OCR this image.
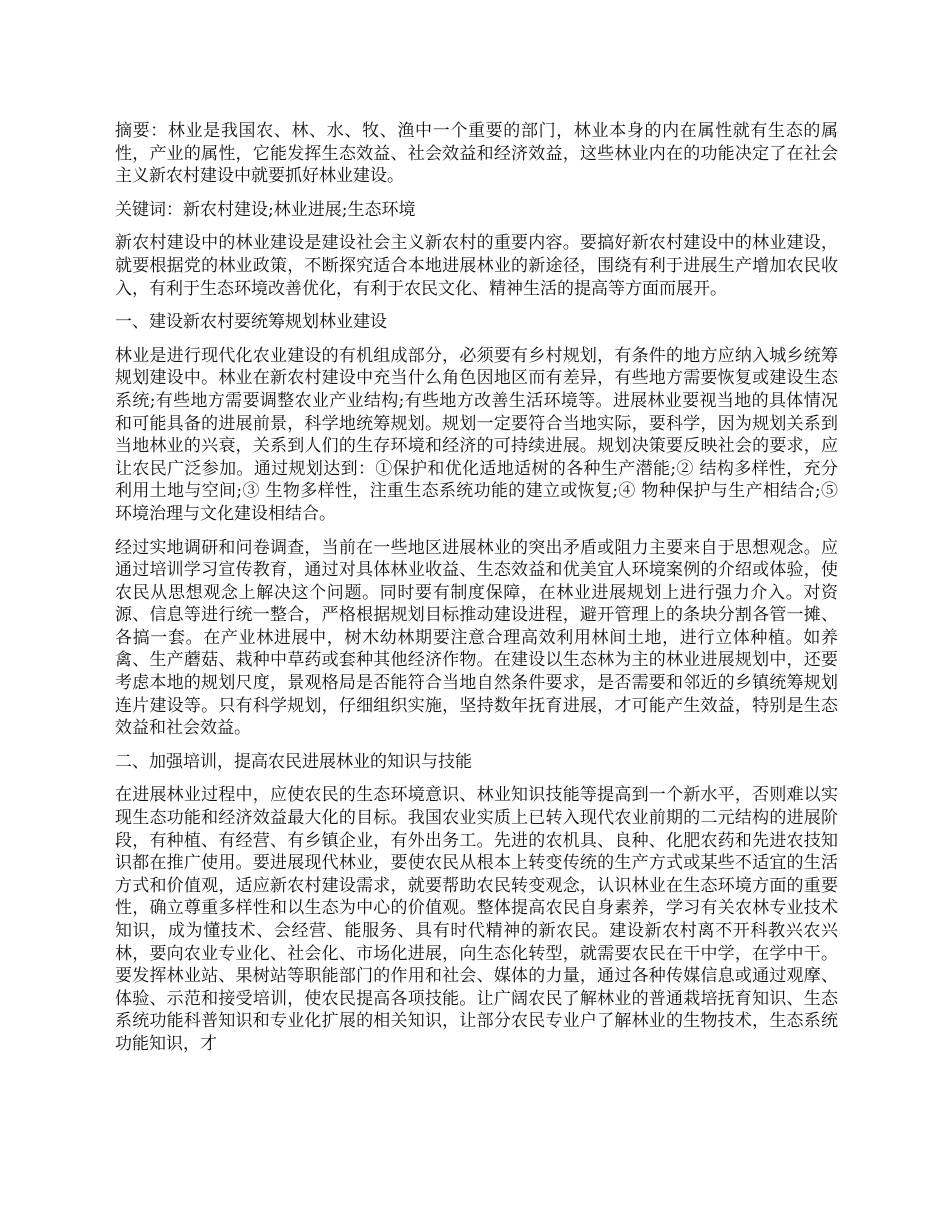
摘要：林业是我国农、林、水、牧、渔中一个重要的部门，林业本身的内在属性就有生态的属性，产业的属性，它能发挥生态效益、社会效益和经济效益，这些林业内在的功能决定了在社会主义新农村建设中就要抓好林业建设。

关键词：新农村建设;林业进展;生态环境

新农村建设中的林业建设是建设社会主义新农村的重要内容。要搞好新农村建设中的林业建设，就要根据党的林业政策，不断探究适合本地进展林业的新途径，围绕有利于进展生产增加农民收入，有利于生态环境改善优化，有利于农民文化、精神生活的提高等方面而展开。

一、建设新农村要统筹规划林业建设

林业是进行现代化农业建设的有机组成部分，必须要有乡村规划，有条件的地方应纳入城乡统筹规划建设中。林业在新农村建设中充当什么角色因地区而有差异，有些地方需要恢复或建设生态系统;有些地方需要调整农业产业结构;有些地方改善生活环境等。进展林业要视当地的具体情况和可能具备的进展前景，科学地统筹规划。规划一定要符合当地实际，要科学，因为规划关系到当地林业的兴衰，关系到人们的生存环境和经济的可持续进展。规划决策要反映社会的要求，应让农民广泛参加。通过规划达到：①保护和优化适地适树的各种生产潜能;② 结构多样性，充分利用土地与空间;③ 生物多样性，注重生态系统功能的建立或恢复;④ 物种保护与生产相结合;⑤ 环境治理与文化建设相结合。

经过实地调研和问卷调查，当前在一些地区进展林业的突出矛盾或阻力主要来自于思想观念。应通过培训学习宣传教育，通过对具体林业收益、生态效益和优美宜人环境案例的介绍或体验，使农民从思想观念上解决这个问题。同时要有制度保障，在林业进展规划上进行强力介入。对资源、信息等进行统一整合，严格根据规划目标推动建设进程，避开管理上的条块分割各管一摊、各搞一套。在产业林进展中，树木幼林期要注意合理高效利用林间土地，进行立体种植。如养禽、生产蘑菇、栽种中草药或套种其他经济作物。在建设以生态林为主的林业进展规划中，还要考虑本地的规划尺度，景观格局是否能符合当地自然条件要求，是否需要和邻近的乡镇统筹规划连片建设等。只有科学规划，仔细组织实施，坚持数年抚育进展，才可能产生效益，特别是生态效益和社会效益。

二、加强培训，提高农民进展林业的知识与技能

在进展林业过程中，应使农民的生态环境意识、林业知识技能等提高到一个新水平，否则难以实现生态功能和经济效益最大化的目标。我国农业实质上已转入现代农业前期的二元结构的进展阶段，有种植、有经营、有乡镇企业，有外出务工。先进的农机具、良种、化肥农药和先进农技知识都在推广使用。要进展现代林业，要使农民从根本上转变传统的生产方式或某些不适宜的生活方式和价值观，适应新农村建设需求，就要帮助农民转变观念，认识林业在生态环境方面的重要性，确立尊重多样性和以生态为中心的价值观。整体提高农民自身素养，学习有关农林专业技术知识，成为懂技术、会经营、能服务、具有时代精神的新农民。建设新农村离不开科教兴农兴林，要向农业专业化、社会化、市场化进展，向生态化转型，就需要农民在干中学，在学中干。要发挥林业站、果树站等职能部门的作用和社会、媒体的力量，通过各种传媒信息或通过观摩、体验、示范和接受培训，使农民提高各项技能。让广阔农民了解林业的普通栽培抚育知识、生态系统功能科普知识和专业化扩展的相关知识，让部分农民专业户了解林业的生物技术，生态系统功能知识，才
